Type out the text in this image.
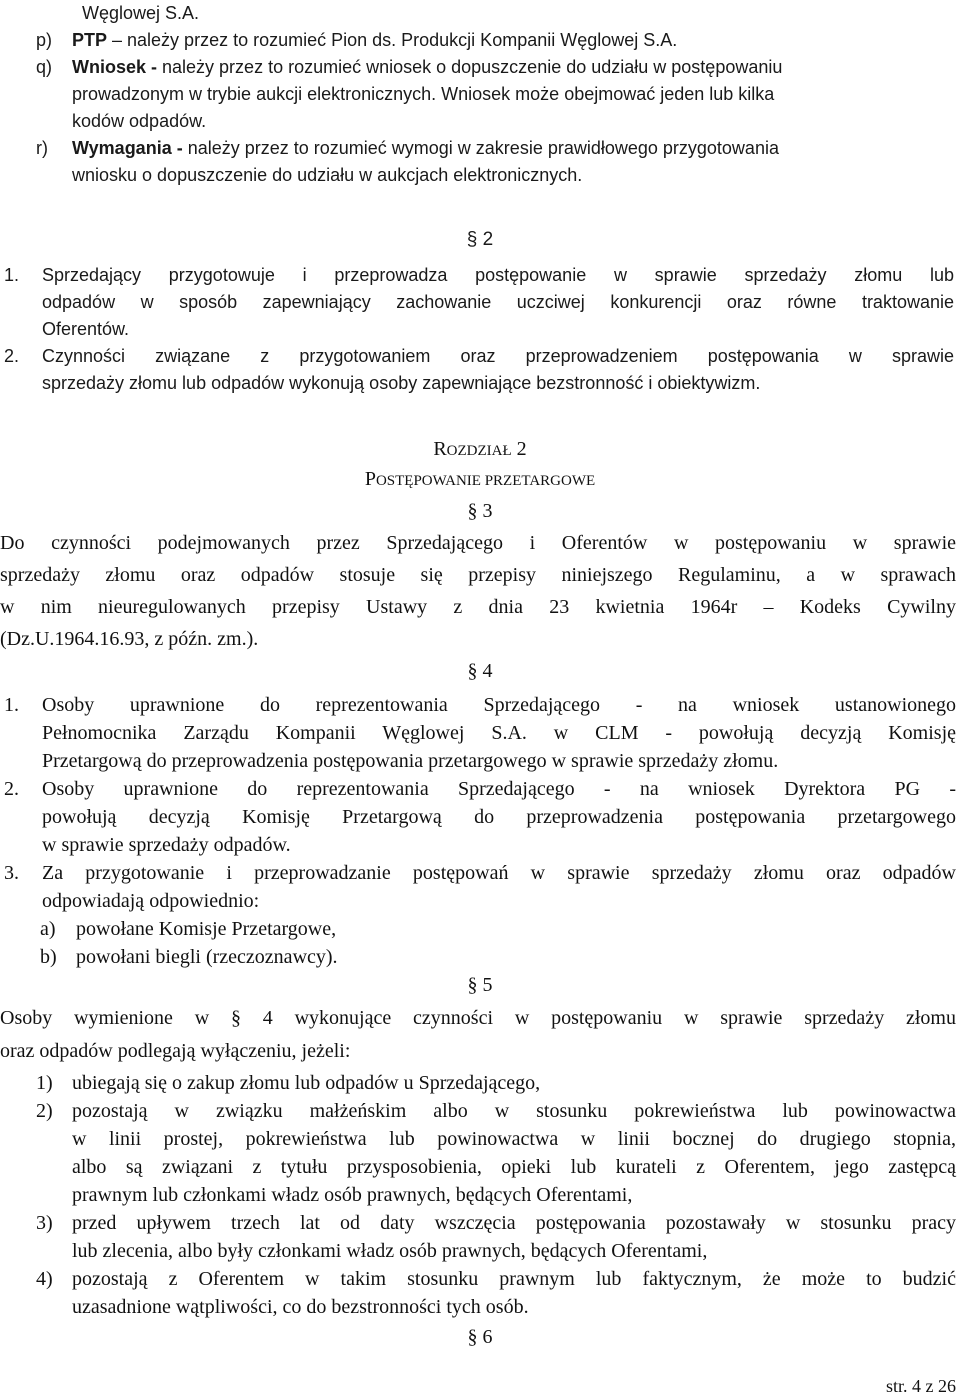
Węglowej S.A.
p) PTP – należy przez to rozumieć Pion ds. Produkcji Kompanii Węglowej S.A.
q) Wniosek - należy przez to rozumieć wniosek o dopuszczenie do udziału w postępowaniu
prowadzonym w trybie aukcji elektronicznych. Wniosek może obejmować jeden lub kilka
kodów odpadów.
r) Wymagania - należy przez to rozumieć wymogi w zakresie prawidłowego przygotowania
wniosku o dopuszczenie do udziału w aukcjach elektronicznych.
§ 2
1. Sprzedający przygotowuje i przeprowadza postępowanie w sprawie sprzedaży złomu lub
odpadów w sposób zapewniający zachowanie uczciwej konkurencji oraz równe traktowanie
Oferentów.
2. Czynności związane z przygotowaniem oraz przeprowadzeniem postępowania w sprawie
sprzedaży złomu lub odpadów wykonują osoby zapewniające bezstronność i obiektywizm.
ROZDZIAŁ 2
POSTĘPOWANIE PRZETARGOWE
§ 3
Do czynności podejmowanych przez Sprzedającego i Oferentów w postępowaniu w sprawie
sprzedaży złomu oraz odpadów stosuje się przepisy niniejszego Regulaminu, a w sprawach
w nim nieuregulowanych przepisy Ustawy z dnia 23 kwietnia 1964r – Kodeks Cywilny
(Dz.U.1964.16.93, z późn. zm.).
§ 4
1. Osoby uprawnione do reprezentowania Sprzedającego - na wniosek ustanowionego
Pełnomocnika Zarządu Kompanii Węglowej S.A. w CLM - powołują decyzją Komisję
Przetargową do przeprowadzenia postępowania przetargowego w sprawie sprzedaży złomu.
2. Osoby uprawnione do reprezentowania Sprzedającego - na wniosek Dyrektora PG -
powołują decyzją Komisję Przetargową do przeprowadzenia postępowania przetargowego
w sprawie sprzedaży odpadów.
3. Za przygotowanie i przeprowadzanie postępowań w sprawie sprzedaży złomu oraz odpadów
odpowiadają odpowiednio:
a) powołane Komisje Przetargowe,
b) powołani biegli (rzeczoznawcy).
§ 5
Osoby wymienione w § 4 wykonujące czynności w postępowaniu w sprawie sprzedaży złomu
oraz odpadów podlegają wyłączeniu, jeżeli:
1) ubiegają się o zakup złomu lub odpadów u Sprzedającego,
2) pozostają w związku małżeńskim albo w stosunku pokrewieństwa lub powinowactwa
w linii prostej, pokrewieństwa lub powinowactwa w linii bocznej do drugiego stopnia,
albo są związani z tytułu przysposobienia, opieki lub kurateli z Oferentem, jego zastępcą
prawnym lub członkami władz osób prawnych, będących Oferentami,
3) przed upływem trzech lat od daty wszczęcia postępowania pozostawały w stosunku pracy
lub zlecenia, albo były członkami władz osób prawnych, będących Oferentami,
4) pozostają z Oferentem w takim stosunku prawnym lub faktycznym, że może to budzić
uzasadnione wątpliwości, co do bezstronności tych osób.
§ 6
str. 4 z 26
